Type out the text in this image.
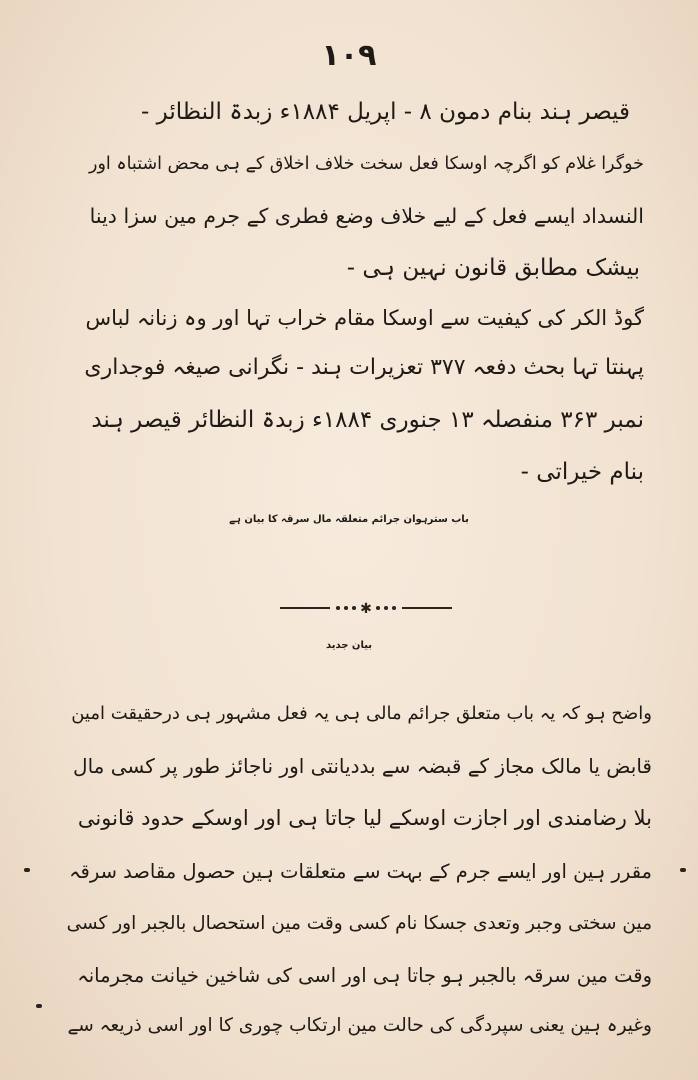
۱۰۹
قیصر ہند بنام دمون ۸ - اپریل ۱۸۸۴ء زبدۃ النظائر -
خوگرا غلام کو اگرچہ اوسکا فعل سخت خلاف اخلاق کے ہی محض اشتباہ اور
النسداد ایسے فعل کے لیے خلاف وضع فطری کے جرم مین سزا دینا
بیشک مطابق قانون نہین ہی -
گوڈ الکر کی کیفیت سے اوسکا مقام خراب تہا اور وہ زنانہ لباس
پہنتا تہا بحث دفعہ ۳۷۷ تعزیرات ہند - نگرانی صیغہ فوجداری
نمبر ۳۶۳ منفصلہ ۱۳ جنوری ۱۸۸۴ء زبدۃ النظائر قیصر ہند
بنام خیراتی -
باب سترہوان جرائم متعلقہ مال سرقہ کا بیان ہے
✱
بیان جدید
واضح ہو کہ یہ باب متعلق جرائم مالی ہی یہ فعل مشہور ہی درحقیقت امین
قابض یا مالک مجاز کے قبضہ سے بددیانتی اور ناجائز طور پر کسی مال
بلا رضامندی اور اجازت اوسکے لیا جاتا ہی اور اوسکے حدود قانونی
مقرر ہین اور ایسے جرم کے بہت سے متعلقات ہین حصول مقاصد سرقہ
مین سختی وجبر وتعدی جسکا نام کسی وقت مین استحصال بالجبر اور کسی
وقت مین سرقہ بالجبر ہو جاتا ہی اور اسی کی شاخین خیانت مجرمانہ
وغیرہ ہین یعنی سپردگی کی حالت مین ارتکاب چوری کا اور اسی ذریعہ سے
